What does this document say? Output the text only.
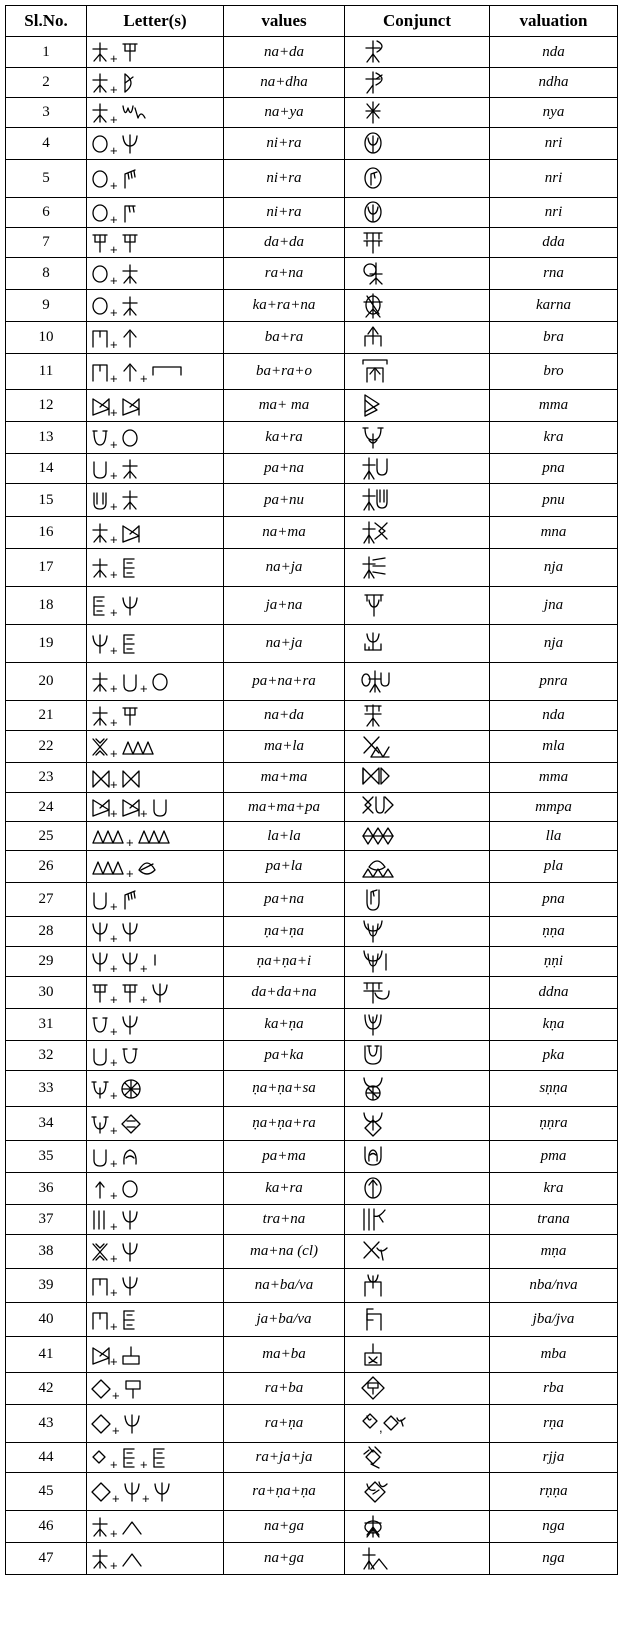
Sl.No.	Letter(s)	values	Conjunct	valuation
1	+	na+da		nda
2	+	na+dha		ndha
3	+	na+ya		nya
4	+	ni+ra		nri
5	+	ni+ra		nri
6	+	ni+ra		nri
7	+	da+da		dda
8	+	ra+na		rna
9	+	ka+ra+na		karna
10	+	ba+ra		bra
11	+ +	ba+ra+o		bro
12	+	ma+ ma		mma
13	+	ka+ra		kra
14	+	pa+na		pna
15	+	pa+nu		pnu
16	+	na+ma		mna
17	+	na+ja		nja
18	+	ja+na		jna
19	+	na+ja		nja
20	+ +	pa+na+ra		pnra
21	+	na+da		nda
22	+	ma+la		mla
23	+	ma+ma		mma
24	+ +	ma+ma+pa		mmpa
25	+	la+la		lla
26	+	pa+la		pla
27	+	pa+na		pna
28	+	ṇa+ṇa		ṇṇa
29	+ +	ṇa+ṇa+i		ṇṇi
30	+ +	da+da+na		ddna
31	+	ka+ṇa		kṇa
32	+	pa+ka		pka
33	+	ṇa+ṇa+sa		sṇṇa
34	+	ṇa+ṇa+ra		ṇṇra
35	+	pa+ma		pma
36	+	ka+ra		kra
37	+	tra+na		trana
38	+	ma+na (cl)		mṇa
39	+	na+ba/va		nba/nva
40	+	ja+ba/va		jba/jva
41	+	ma+ba		mba
42	+	ra+ba		rba
43	+	ra+ṇa	,	rṇa
44	+ +	ra+ja+ja		rjja
45	+ +	ra+ṇa+ṇa		rṇṇa
46	+	na+ga		nga
47	+	na+ga		nga
